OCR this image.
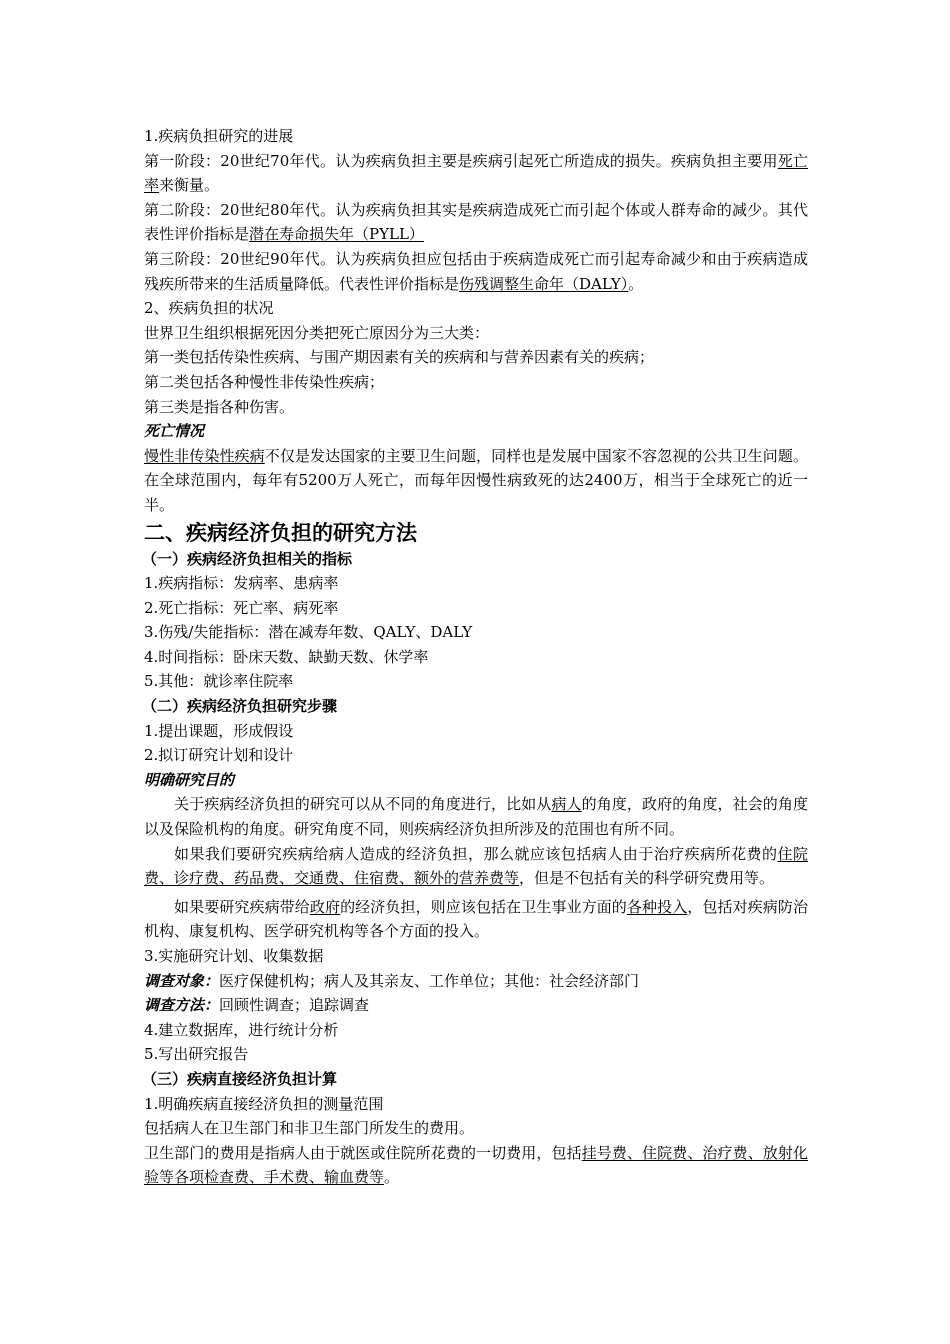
1.疾病负担研究的进展
第一阶段：20世纪70年代。认为疾病负担主要是疾病引起死亡所造成的损失。疾病负担主要用死亡率来衡量。
第二阶段：20世纪80年代。认为疾病负担其实是疾病造成死亡而引起个体或人群寿命的减少。其代表性评价指标是潜在寿命损失年（PYLL）
第三阶段：20世纪90年代。认为疾病负担应包括由于疾病造成死亡而引起寿命减少和由于疾病造成残疾所带来的生活质量降低。代表性评价指标是伤残调整生命年（DALY）。
2、疾病负担的状况
世界卫生组织根据死因分类把死亡原因分为三大类：
第一类包括传染性疾病、与围产期因素有关的疾病和与营养因素有关的疾病；
第二类包括各种慢性非传染性疾病；
第三类是指各种伤害。
死亡情况
慢性非传染性疾病不仅是发达国家的主要卫生问题，同样也是发展中国家不容忽视的公共卫生问题。在全球范围内，每年有5200万人死亡，而每年因慢性病致死的达2400万，相当于全球死亡的近一半。
二、疾病经济负担的研究方法
（一）疾病经济负担相关的指标
1.疾病指标：发病率、患病率
2.死亡指标：死亡率、病死率
3.伤残/失能指标：潜在减寿年数、QALY、DALY
4.时间指标：卧床天数、缺勤天数、休学率
5.其他：就诊率住院率
（二）疾病经济负担研究步骤
1.提出课题，形成假设
2.拟订研究计划和设计
明确研究目的
关于疾病经济负担的研究可以从不同的角度进行，比如从病人的角度，政府的角度，社会的角度以及保险机构的角度。研究角度不同，则疾病经济负担所涉及的范围也有所不同。
如果我们要研究疾病给病人造成的经济负担，那么就应该包括病人由于治疗疾病所花费的住院费、诊疗费、药品费、交通费、住宿费、额外的营养费等，但是不包括有关的科学研究费用等。
如果要研究疾病带给政府的经济负担，则应该包括在卫生事业方面的各种投入，包括对疾病防治机构、康复机构、医学研究机构等各个方面的投入。
3.实施研究计划、收集数据
调查对象：医疗保健机构；病人及其亲友、工作单位；其他：社会经济部门
调查方法：回顾性调查；追踪调查
4.建立数据库，进行统计分析
5.写出研究报告
（三）疾病直接经济负担计算
1.明确疾病直接经济负担的测量范围
包括病人在卫生部门和非卫生部门所发生的费用。
卫生部门的费用是指病人由于就医或住院所花费的一切费用，包括挂号费、住院费、治疗费、放射化验等各项检查费、手术费、输血费等。
